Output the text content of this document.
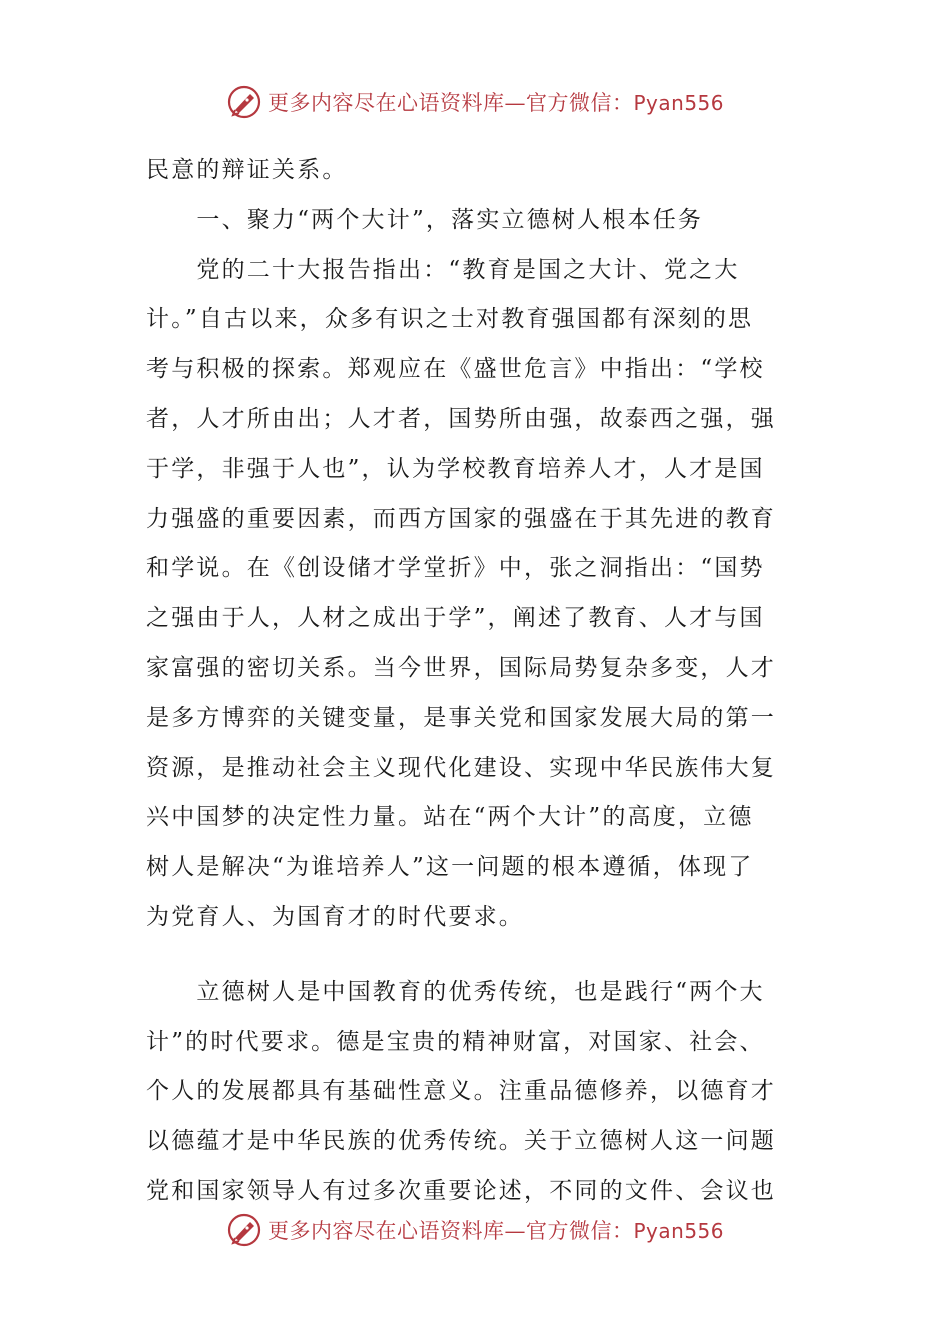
更多内容尽在心语资料库—官方微信：Pyan556
民意的辩证关系。
　　一、聚力“两个大计”，落实立德树人根本任务
　　党的二十大报告指出：“教育是国之大计、党之大
计。”自古以来，众多有识之士对教育强国都有深刻的思
考与积极的探索。郑观应在《盛世危言》中指出：“学校
者，人才所由出；人才者，国势所由强，故泰西之强，强
于学，非强于人也”，认为学校教育培养人才，人才是国
力强盛的重要因素，而西方国家的强盛在于其先进的教育
和学说。在《创设储才学堂折》中，张之洞指出：“国势
之强由于人，人材之成出于学”，阐述了教育、人才与国
家富强的密切关系。当今世界，国际局势复杂多变，人才
是多方博弈的关键变量，是事关党和国家发展大局的第一
资源，是推动社会主义现代化建设、实现中华民族伟大复
兴中国梦的决定性力量。站在“两个大计”的高度，立德
树人是解决“为谁培养人”这一问题的根本遵循，体现了
为党育人、为国育才的时代要求。
　　立德树人是中国教育的优秀传统，也是践行“两个大
计”的时代要求。德是宝贵的精神财富，对国家、社会、
个人的发展都具有基础性意义。注重品德修养，以德育才
以德蕴才是中华民族的优秀传统。关于立德树人这一问题
党和国家领导人有过多次重要论述，不同的文件、会议也
更多内容尽在心语资料库—官方微信：Pyan556
